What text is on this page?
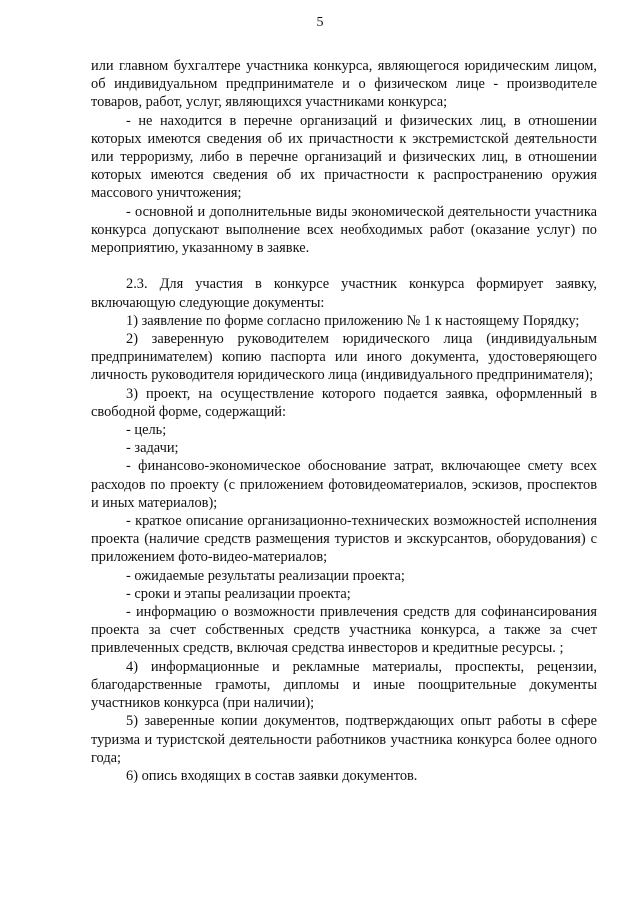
5

или главном бухгалтере участника конкурса, являющегося юридическим лицом, об индивидуальном предпринимателе и о физическом лице - производителе товаров, работ, услуг, являющихся участниками конкурса;

- не находится в перечне организаций и физических лиц, в отношении которых имеются сведения об их причастности к экстремистской деятельности или терроризму, либо в перечне организаций и физических лиц, в отношении которых имеются сведения об их причастности к распространению оружия массового уничтожения;

- основной и дополнительные виды экономической деятельности участника конкурса допускают выполнение всех необходимых работ (оказание услуг) по мероприятию, указанному в заявке.

2.3. Для участия в конкурсе участник конкурса формирует заявку, включающую следующие документы:

1) заявление по форме согласно приложению № 1 к настоящему Порядку;

2) заверенную руководителем юридического лица (индивидуальным предпринимателем) копию паспорта или иного документа, удостоверяющего личность руководителя юридического лица (индивидуального предпринимателя);

3) проект, на осуществление которого подается заявка, оформленный в свободной форме, содержащий:

- цель;

- задачи;

- финансово-экономическое обоснование затрат, включающее смету всех расходов по проекту (с приложением фотовидеоматериалов, эскизов, проспектов и иных материалов);

- краткое описание организационно-технических возможностей исполнения проекта (наличие средств размещения туристов и экскурсантов, оборудования) с приложением фото-видео-материалов;

- ожидаемые результаты реализации проекта;

- сроки и этапы реализации проекта;

- информацию о возможности привлечения средств для софинансирования проекта за счет собственных средств участника конкурса, а также за счет привлеченных средств, включая средства инвесторов и кредитные ресурсы. ;

4) информационные и рекламные материалы, проспекты, рецензии, благодарственные грамоты, дипломы и иные поощрительные документы участников конкурса (при наличии);

5) заверенные копии документов, подтверждающих опыт работы в сфере туризма и туристской деятельности работников участника конкурса более одного года;

6) опись входящих в состав заявки документов.
